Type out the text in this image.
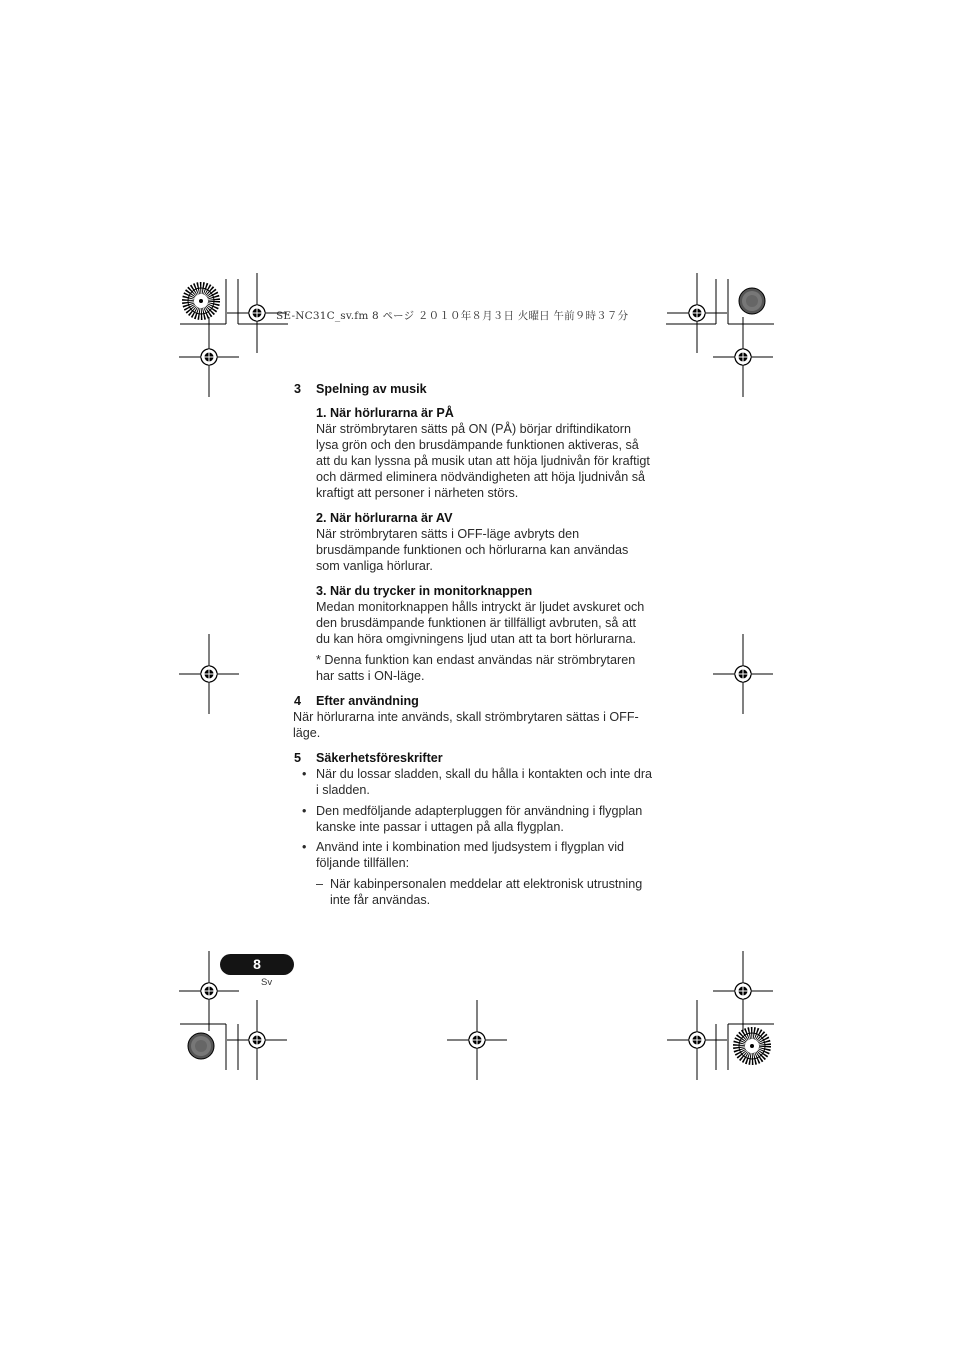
SE-NC31C_sv.fm 8 ページ ２０１０年８月３日 火曜日 午前９時３７分
3 Spelning av musik
1. När hörlurarna är PÅ
När strömbrytaren sätts på ON (PÅ) börjar driftindikatorn
lysa grön och den brusdämpande funktionen aktiveras, så
att du kan lyssna på musik utan att höja ljudnivån för kraftigt
och därmed eliminera nödvändigheten att höja ljudnivån så
kraftigt att personer i närheten störs.
2. När hörlurarna är AV
När strömbrytaren sätts i OFF-läge avbryts den
brusdämpande funktionen och hörlurarna kan användas
som vanliga hörlurar.
3. När du trycker in monitorknappen
Medan monitorknappen hålls intryckt är ljudet avskuret och
den brusdämpande funktionen är tillfälligt avbruten, så att
du kan höra omgivningens ljud utan att ta bort hörlurarna.
* Denna funktion kan endast användas när strömbrytaren
har satts i ON-läge.
4 Efter användning
När hörlurarna inte används, skall strömbrytaren sättas i OFF-
läge.
5 Säkerhetsföreskrifter
• När du lossar sladden, skall du hålla i kontakten och inte dra
i sladden.
• Den medföljande adapterpluggen för användning i flygplan
kanske inte passar i uttagen på alla flygplan.
• Använd inte i kombination med ljudsystem i flygplan vid
följande tillfällen:
– När kabinpersonalen meddelar att elektronisk utrustning
inte får användas.
8
Sv
